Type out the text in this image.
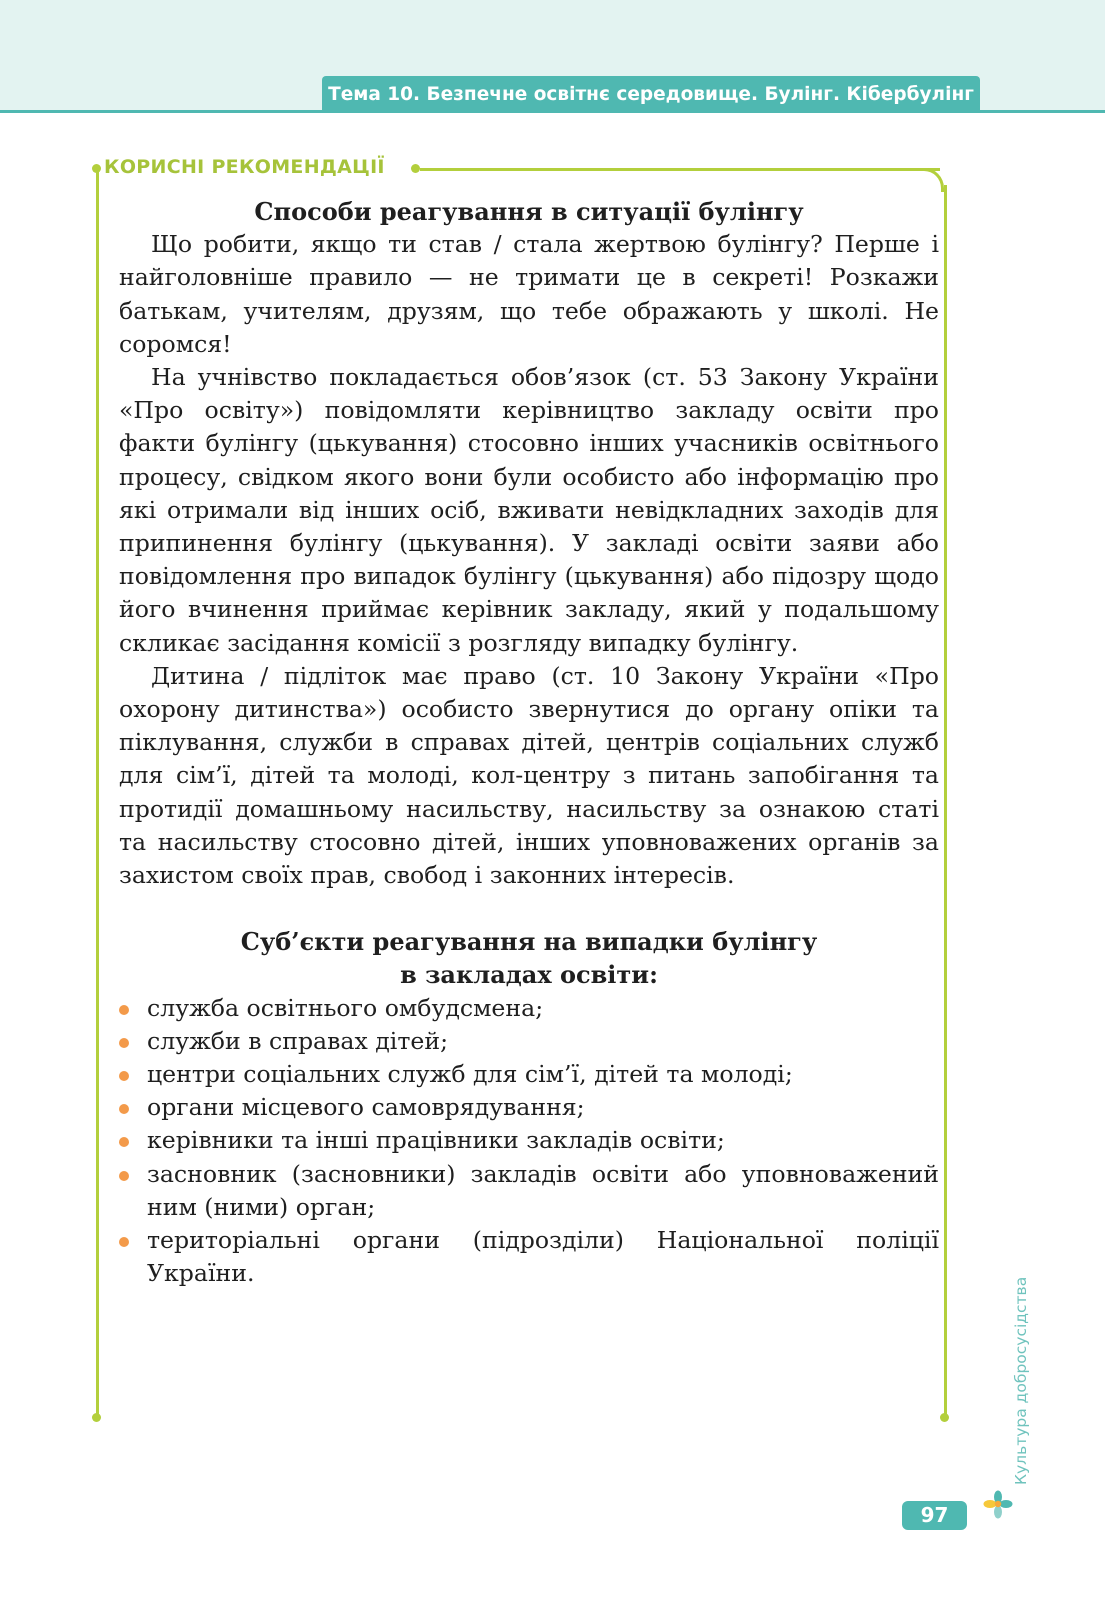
Тема 10. Безпечне освітнє середовище. Булінг. Кібербулінг
КОРИСНІ РЕКОМЕНДАЦІЇ
Способи реагування в ситуації булінгу

Що робити, якщо ти став / стала жертвою булінгу? Перше і найголовніше правило — не тримати це в секреті! Розкажи батькам, учителям, друзям, що тебе ображають у школі. Не соромся!

На учнівство покладається обов’язок (ст. 53 Закону України «Про освіту») повідомляти керівництво закладу освіти про факти булінгу (цькування) стосовно інших учасників освітнього процесу, свідком якого вони були особисто або інформацію про які отримали від інших осіб, вживати невідкладних заходів для припинення булінгу (цькування). У закладі освіти заяви або повідомлення про випадок булінгу (цькування) або підозру щодо його вчинення приймає керівник закладу, який у подальшому скликає засідання комісії з розгляду випадку булінгу.

Дитина / підліток має право (ст. 10 Закону України «Про охорону дитинства») особисто звернутися до органу опіки та піклування, служби в справах дітей, центрів соціальних служб для сім’ї, дітей та молоді, кол-центру з питань запобігання та протидії домашньому насильству, насильству за ознакою статі та насильству стосовно дітей, інших уповноважених органів за захистом своїх прав, свобод і законних інтересів.

Суб’єкти реагування на випадки булінгу
в закладах освіти:
служба освітнього омбудсмена;
служби в справах дітей;
центри соціальних служб для сім’ї, дітей та молоді;
органи місцевого самоврядування;
керівники та інші працівники закладів освіти;
засновник (засновники) закладів освіти або уповноважений ним (ними) орган;
територіальні органи (підрозділи) Національної поліції України.
Культура добросусідства
97
